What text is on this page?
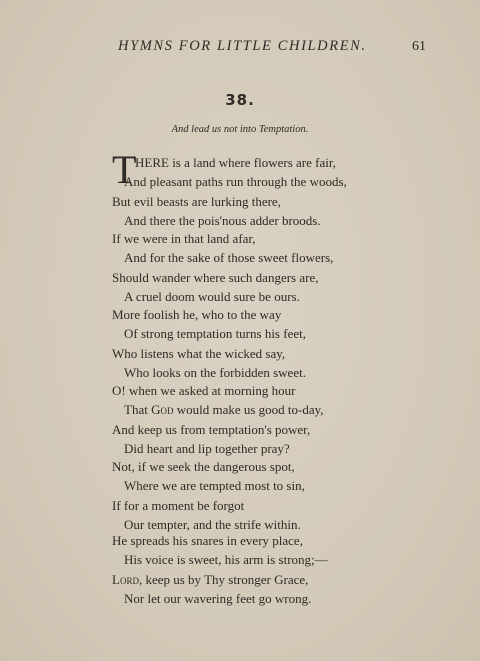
HYMNS FOR LITTLE CHILDREN.	61
38.
And lead us not into Temptation.
T
HERE is a land where flowers are fair,
And pleasant paths run through the woods,
But evil beasts are lurking there,
And there the pois'nous adder broods.
If we were in that land afar,
And for the sake of those sweet flowers,
Should wander where such dangers are,
A cruel doom would sure be ours.
More foolish he, who to the way
Of strong temptation turns his feet,
Who listens what the wicked say,
Who looks on the forbidden sweet.
O! when we asked at morning hour
That God would make us good to-day,
And keep us from temptation's power,
Did heart and lip together pray?
Not, if we seek the dangerous spot,
Where we are tempted most to sin,
If for a moment be forgot
Our tempter, and the strife within.
He spreads his snares in every place,
His voice is sweet, his arm is strong;—
Lord, keep us by Thy stronger Grace,
Nor let our wavering feet go wrong.
